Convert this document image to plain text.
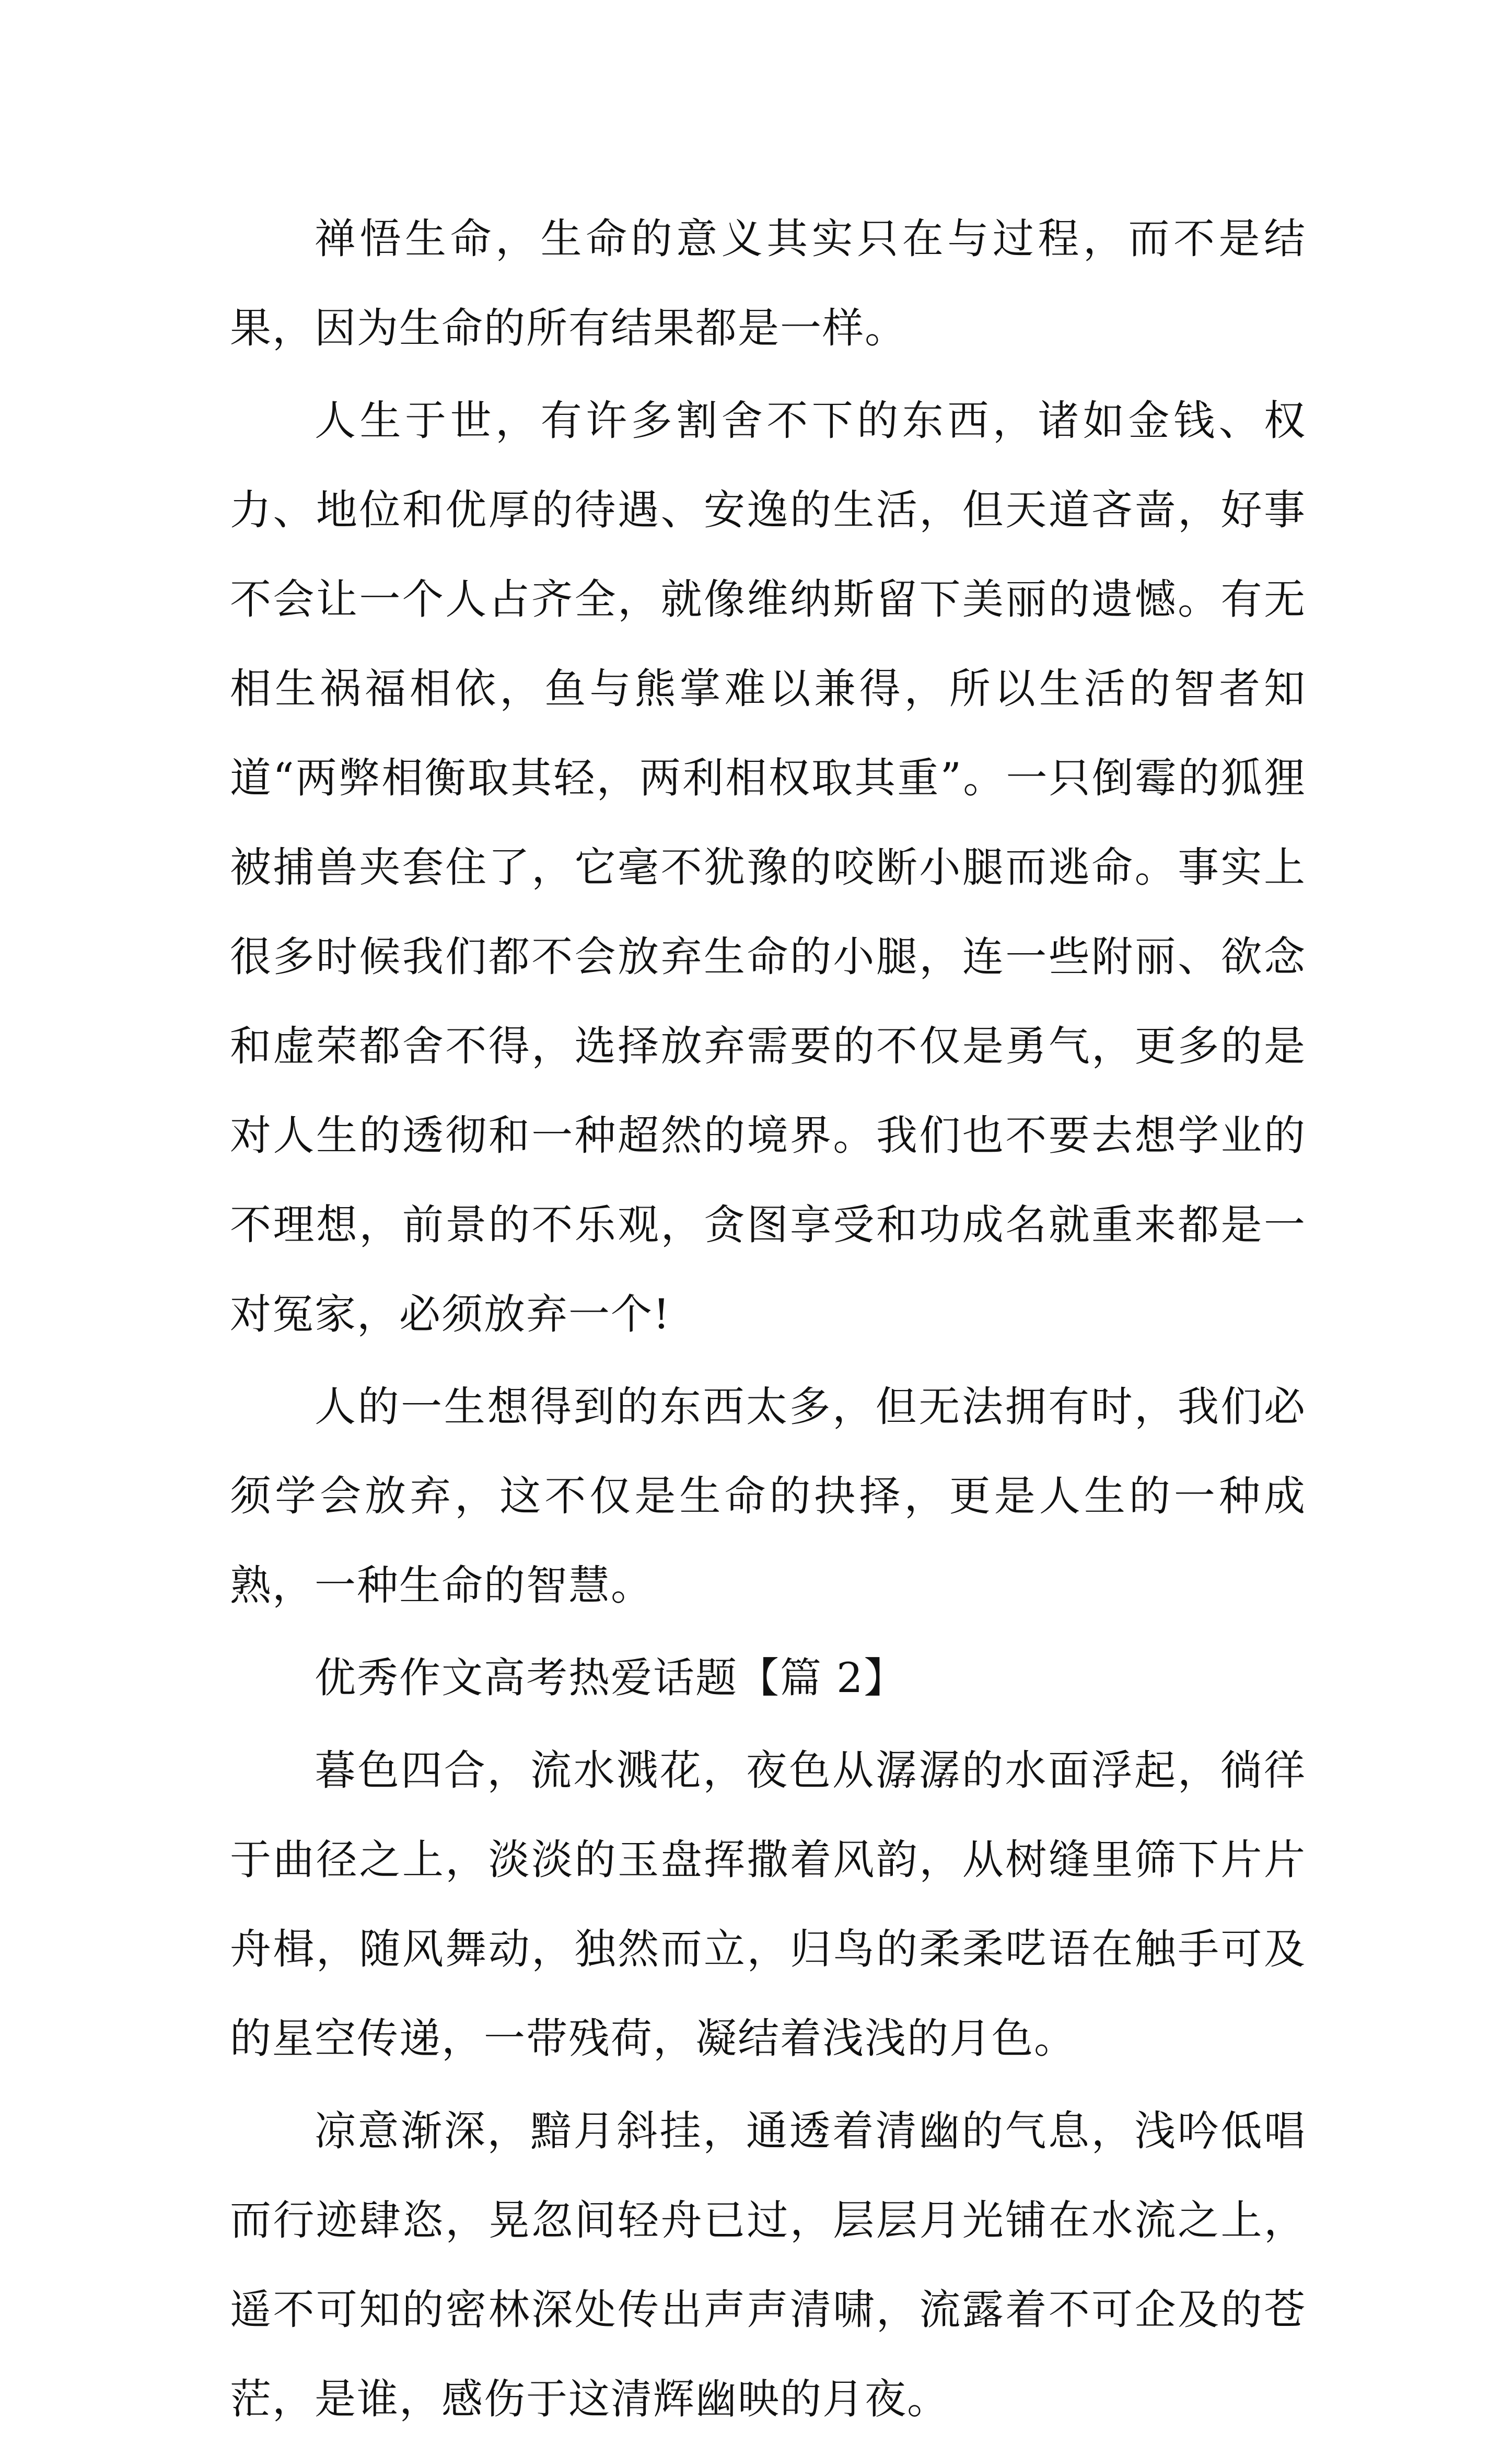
禅悟生命，生命的意义其实只在与过程，而不是结果，因为生命的所有结果都是一样。

人生于世，有许多割舍不下的东西，诸如金钱、权力、地位和优厚的待遇、安逸的生活，但天道吝啬，好事不会让一个人占齐全，就像维纳斯留下美丽的遗憾。有无相生祸福相依，鱼与熊掌难以兼得，所以生活的智者知道“两弊相衡取其轻，两利相权取其重”。一只倒霉的狐狸被捕兽夹套住了，它毫不犹豫的咬断小腿而逃命。事实上很多时候我们都不会放弃生命的小腿，连一些附丽、欲念和虚荣都舍不得，选择放弃需要的不仅是勇气，更多的是对人生的透彻和一种超然的境界。我们也不要去想学业的不理想，前景的不乐观，贪图享受和功成名就重来都是一对冤家，必须放弃一个!

人的一生想得到的东西太多，但无法拥有时，我们必须学会放弃，这不仅是生命的抉择，更是人生的一种成熟，一种生命的智慧。

优秀作文高考热爱话题【篇 2】

暮色四合，流水溅花，夜色从潺潺的水面浮起，徜徉于曲径之上，淡淡的玉盘挥撒着风韵，从树缝里筛下片片舟楫，随风舞动，独然而立，归鸟的柔柔呓语在触手可及的星空传递，一带残荷，凝结着浅浅的月色。

凉意渐深，黯月斜挂，通透着清幽的气息，浅吟低唱而行迹肆恣，晃忽间轻舟已过，层层月光铺在水流之上，遥不可知的密林深处传出声声清啸，流露着不可企及的苍茫，是谁，感伤于这清辉幽映的月夜。
